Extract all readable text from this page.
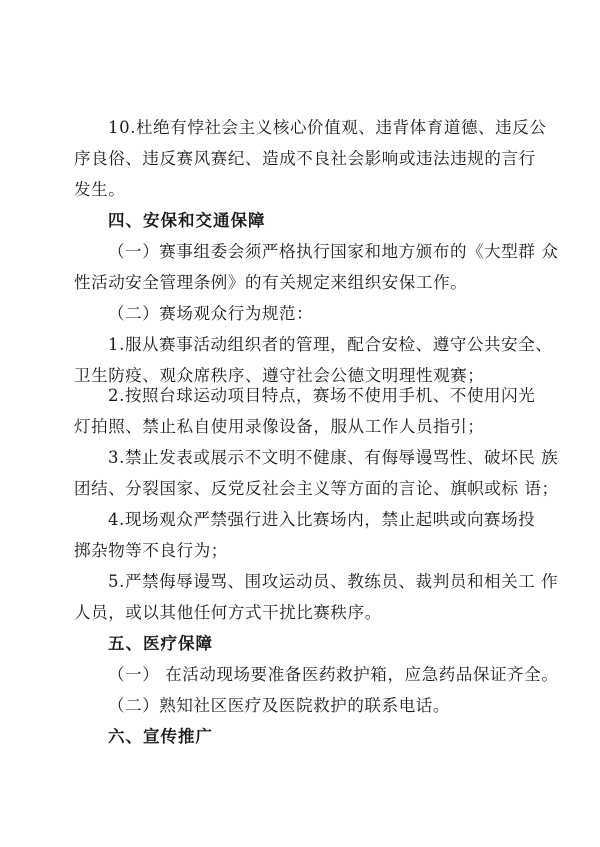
10.杜绝有悖社会主义核心价值观、违背体育道德、违反公

序良俗、违反赛风赛纪、造成不良社会影响或违法违规的言行

发生。

四、安保和交通保障

（一）赛事组委会须严格执行国家和地方颁布的《大型群 众

性活动安全管理条例》的有关规定来组织安保工作。

（二）赛场观众行为规范：

1.服从赛事活动组织者的管理，配合安检、遵守公共安全、

卫生防疫、观众席秩序、遵守社会公德文明理性观赛；

2.按照台球运动项目特点，赛场不使用手机、不使用闪光

灯拍照、禁止私自使用录像设备，服从工作人员指引；

3.禁止发表或展示不文明不健康、有侮辱谩骂性、破坏民 族

团结、分裂国家、反党反社会主义等方面的言论、旗帜或标 语；

4.现场观众严禁强行进入比赛场内，禁止起哄或向赛场投

掷杂物等不良行为；

5.严禁侮辱谩骂、围攻运动员、教练员、裁判员和相关工 作

人员，或以其他任何方式干扰比赛秩序。

五、医疗保障

（一） 在活动现场要准备医药救护箱，应急药品保证齐全。

（二）熟知社区医疗及医院救护的联系电话。

六、宣传推广
